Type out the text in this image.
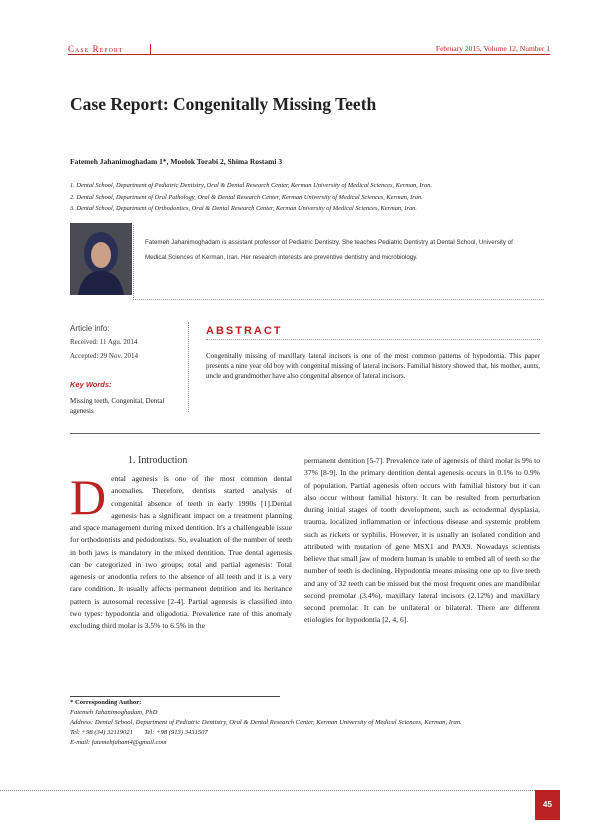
Case Report	February 2015, Volume 12, Number 1
Case Report: Congenitally Missing Teeth
Fatemeh Jahanimoghadam 1*, Moolok Torabi 2, Shima Rostami 3
1. Dental School, Department of Pediatric Dentistry, Oral & Dental Research Center, Kerman University of Medical Sciences, Kerman, Iran.
2. Dental School, Department of Oral Pathology, Oral & Dental Research Center, Kerman University of Medical Sciences, Kerman, Iran.
3. Dental School, Department of Orthodontics, Oral & Dental Research Center, Kerman University of Medical Sciences, Kerman, Iran.
Fatemeh Jahanimoghadam is assistant professor of Pediatric Dentistry. She teaches Pediatric Dentistry at Dental School, University of Medical Sciences of Kerman, Iran. Her research interests are preventive dentistry and microbiology.
Article info:
Received: 11 Agu. 2014
Accepted: 29 Nov. 2014
Key Words:
Missing teeth, Congenital, Dental agenesis
ABSTRACT
Congenitally missing of maxillary lateral incisors is one of the most common patterns of hypodontia. This paper presents a nine year old boy with congenital missing of lateral incisors. Familial history showed that, his mother, aunts, uncle and grandmother have also congenital absence of lateral incisors.
1. Introduction
D ental agenesis is one of the most common dental anomalies. Therefore, dentists started analysis of congenital absence of teeth in early 1990s [1].Dental agenesis has a significant impact on a treatment planning and space management during mixed dentition. It's a challengeable issue for orthodontists and pedodontists. So, evaluation of the number of teeth in both jaws is mandatory in the mixed dentition. True dental agenesis can be categorized in two groups; total and partial agenesis: Total agenesis or anodontia refers to the absence of all teeth and it is a very rare condition. It usually affects permanent dentition and its heritance pattern is autosomal recessive [2-4]. Partial agenesis is classified into two types: hypodontia and oligodotia. Prevalence rate of this anomaly excluding third molar is 3.5% to 6.5% in the
permanent dentition [5-7]. Prevalence rate of agenesis of third molar is 9% to 37% [8-9]. In the primary dentition dental agenesis occurs in 0.1% to 0.9% of population. Partial agenesis often occurs with familial history but it can also occur without familial history. It can be resulted from perturbation during initial stages of tooth development, such as ectodermal dysplasia, trauma, localized inflammation or infectious disease and systemic problem such as rickets or syphilis. However, it is usually an isolated condition and attributed with mutation of gene MSX1 and PAX9. Nowadays scientists believe that small jaw of modern human is unable to embed all of teeth so the number of teeth is declining. Hypodontia means missing one up to five teeth and any of 32 teeth can be missed but the most frequent ones are mandibular second premolar (3.4%), maxillary lateral incisors (2.12%) and maxillary second premolar. It can be unilateral or bilateral. There are different etiologies for hypodontia [2, 4, 6].
* Corresponding Author:
Fatemeh Jahanimoghadam, PhD
Address: Dental School, Department of Pediatric Dentistry, Oral & Dental Research Center, Kerman University of Medical Sciences, Kerman, Iran.
Tel: +98 (34) 32119021       Tel: +98 (913) 3431507
E-mail: fatemehjahani4@gmail.com
45
